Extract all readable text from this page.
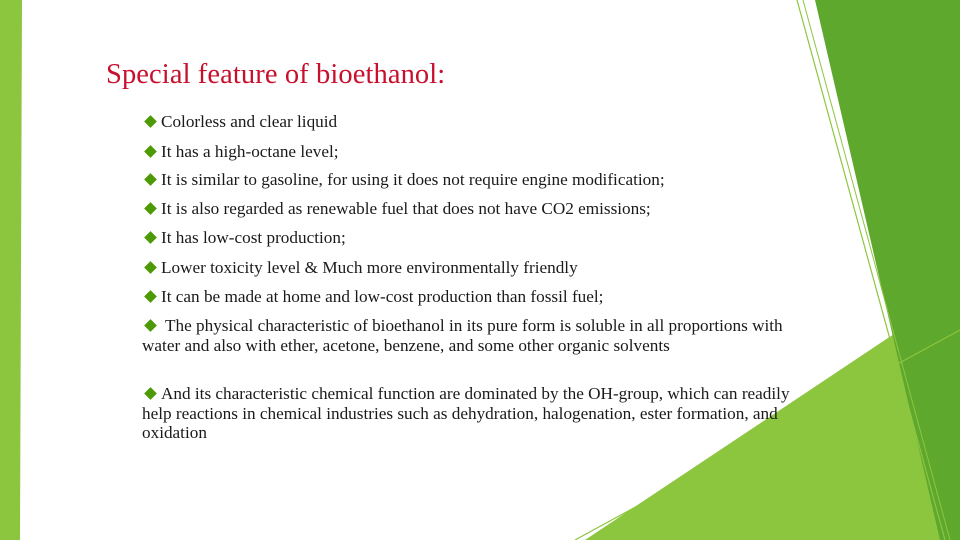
Special feature of bioethanol:
Colorless and clear liquid
It has a high-octane level;
It is similar to gasoline, for using it does not require engine modification;
It is also regarded as renewable fuel that does not have CO2 emissions;
It has low-cost production;
Lower toxicity level & Much more environmentally friendly
It can be made at home and low-cost production than fossil fuel;
The physical characteristic of bioethanol in its pure form is soluble in all proportions with water and also with ether, acetone, benzene, and some other organic solvents
And its characteristic chemical function are dominated by the OH-group, which can readily help reactions in chemical industries such as dehydration, halogenation, ester formation, and oxidation
